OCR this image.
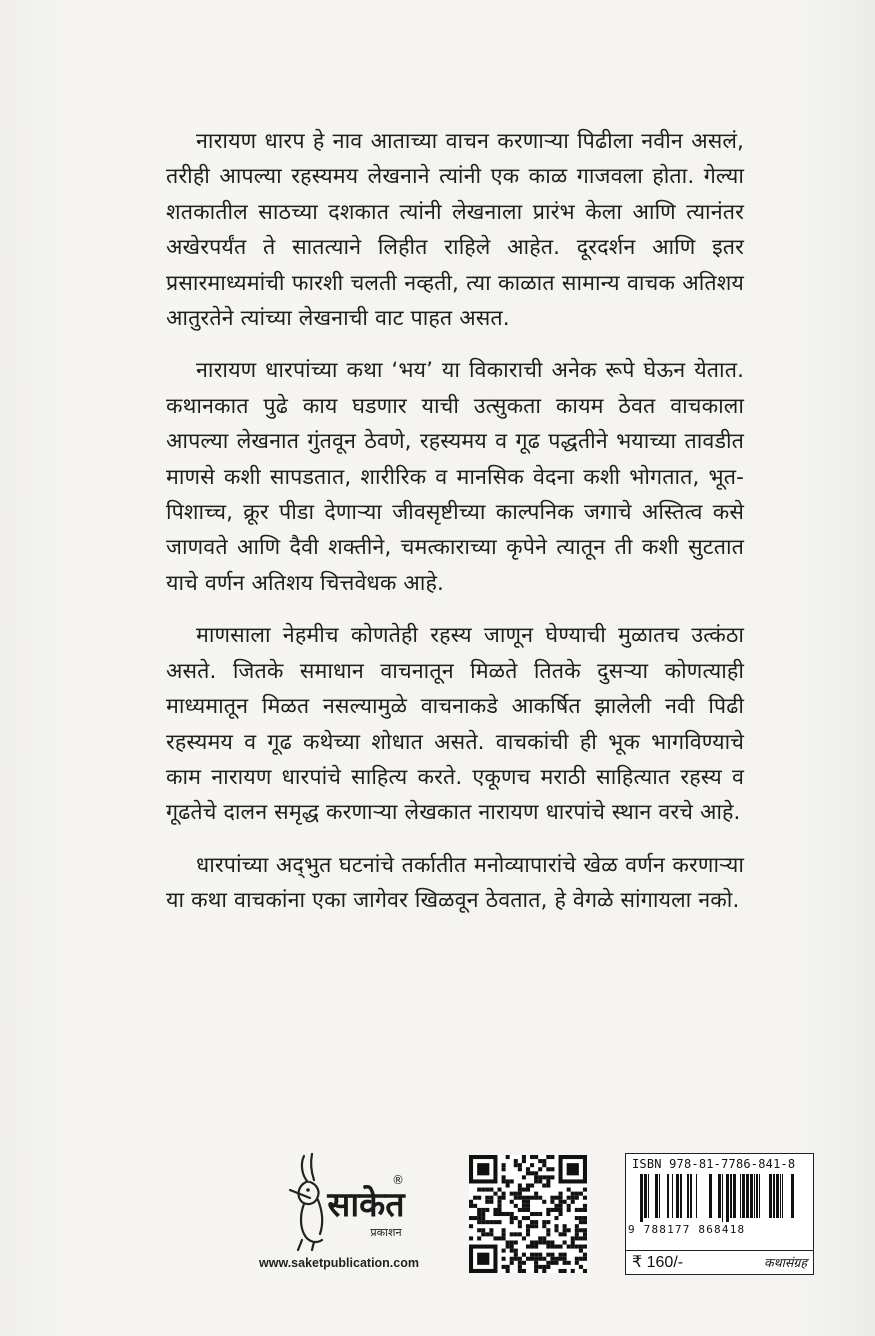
नारायण धारप हे नाव आताच्या वाचन करणाऱ्या पिढीला नवीन असलं, तरीही आपल्या रहस्यमय लेखनाने त्यांनी एक काळ गाजवला होता. गेल्या शतकातील साठच्या दशकात त्यांनी लेखनाला प्रारंभ केला आणि त्यानंतर अखेरपर्यंत ते सातत्याने लिहीत राहिले आहेत. दूरदर्शन आणि इतर प्रसारमाध्यमांची फारशी चलती नव्हती, त्या काळात सामान्य वाचक अतिशय आतुरतेने त्यांच्या लेखनाची वाट पाहत असत.

नारायण धारपांच्या कथा ‘भय’ या विकाराची अनेक रूपे घेऊन येतात. कथानकात पुढे काय घडणार याची उत्सुकता कायम ठेवत वाचकाला आपल्या लेखनात गुंतवून ठेवणे, रहस्यमय व गूढ पद्धतीने भयाच्या तावडीत माणसे कशी सापडतात, शारीरिक व मानसिक वेदना कशी भोगतात, भूत-पिशाच्च, क्रूर पीडा देणाऱ्या जीवसृष्टीच्या काल्पनिक जगाचे अस्तित्व कसे जाणवते आणि दैवी शक्तीने, चमत्काराच्या कृपेने त्यातून ती कशी सुटतात याचे वर्णन अतिशय चित्तवेधक आहे.

माणसाला नेहमीच कोणतेही रहस्य जाणून घेण्याची मुळातच उत्कंठा असते. जितके समाधान वाचनातून मिळते तितके दुसऱ्या कोणत्याही माध्यमातून मिळत नसल्यामुळे वाचनाकडे आकर्षित झालेली नवी पिढी रहस्यमय व गूढ कथेच्या शोधात असते. वाचकांची ही भूक भागविण्याचे काम नारायण धारपांचे साहित्य करते. एकूणच मराठी साहित्यात रहस्य व गूढतेचे दालन समृद्ध करणाऱ्या लेखकात नारायण धारपांचे स्थान वरचे आहे.

धारपांच्या अद्‌भुत घटनांचे तर्कातीत मनोव्यापारांचे खेळ वर्णन करणाऱ्या या कथा वाचकांना एका जागेवर खिळवून ठेवतात, हे वेगळे सांगायला नको.

साकेत
प्रकाशन
®
www.saketpublication.com
ISBN 978-81-7786-841-8
9 788177 868418
₹ 160/-	कथासंग्रह
